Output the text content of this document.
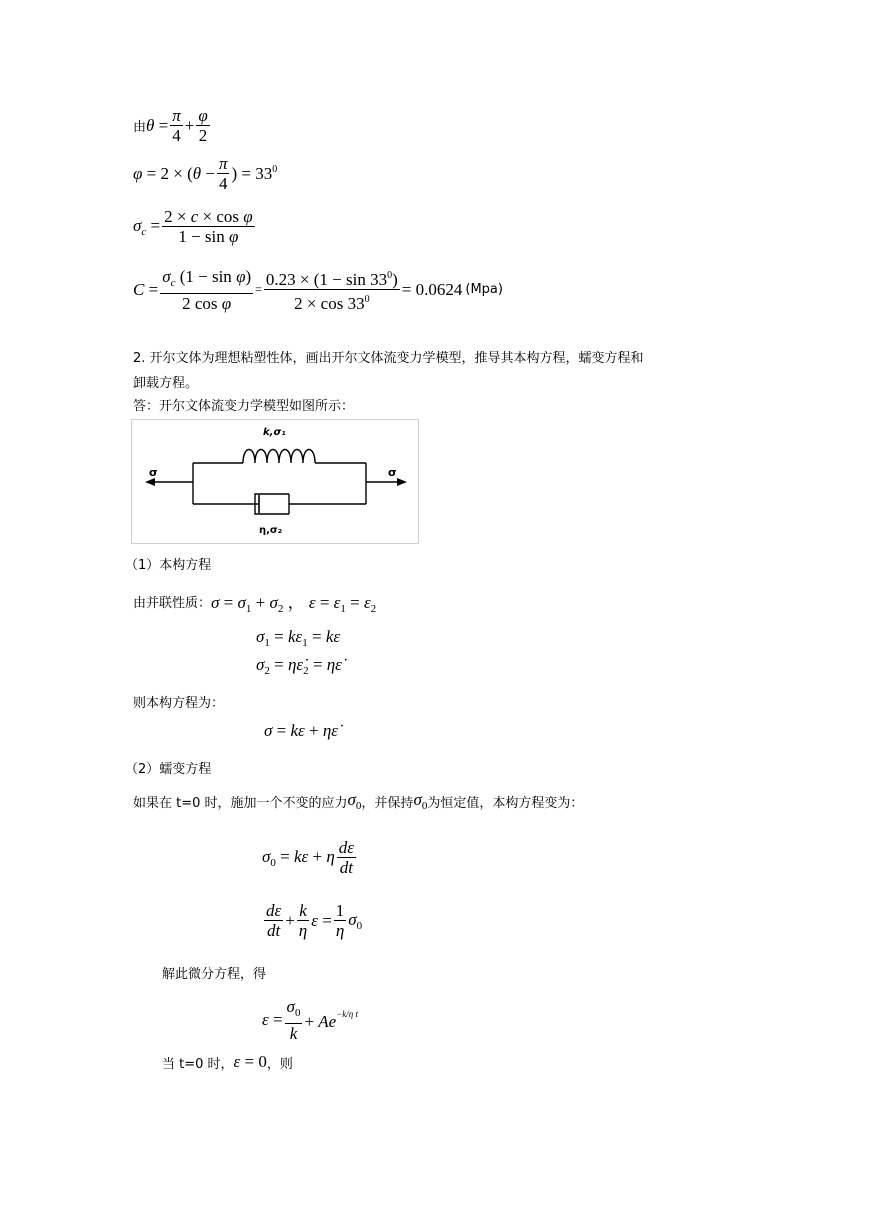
由 $\theta = \frac{\pi}{4} + \frac{\varphi}{2}$
$\varphi = 2 \times (\theta - \frac{\pi}{4}$ ) = $33^0$
$\sigma_c = \frac{\text{2 × c × cos φ}}{\text{1 − sin φ}}$
$C = \frac{\sigma_c (1 - \sin \varphi)}{\text{2 cos φ}} = \frac{0.23 \times (1 - \sin 33^0)}{2 \times \cos 33^0} = 0.0624$ (Mpa)
2. 开尔文体为理想粘塑性体，画出开尔文体流变力学模型，推导其本构方程，蠕变方程和
卸载方程。
答：开尔文体流变力学模型如图所示：
k,σ₁
η,σ₂
σ	σ
（1）本构方程
由并联性质： $\sigma = \sigma_1 + \sigma_2$ ， $\varepsilon = \varepsilon_1 = \varepsilon_2$
$\sigma_1 = k\varepsilon_1 = k\varepsilon$
$\sigma_2$ = $\eta\varepsiloṅ_2$ = ηε̇
则本构方程为：
σ = kε + ηε̇
（2）蠕变方程
如果在 t=0 时，施加一个不变的应力 $\sigma_0$ ，并保持 $\sigma_0$ 为恒定值，本构方程变为：
$\sigma_0 = k\varepsilon + \eta \frac{d\varepsilon}{dt}$
$\frac{d\varepsilon}{dt} + \frac{k}{\eta}$ $\varepsilon = \frac{1}{\eta} \sigma_0$
解此微分方程，得
$\varepsilon = \frac{\sigma_0}{k} + Ae^{-k/\eta t}$
当 t=0 时， ε = 0 ，则
